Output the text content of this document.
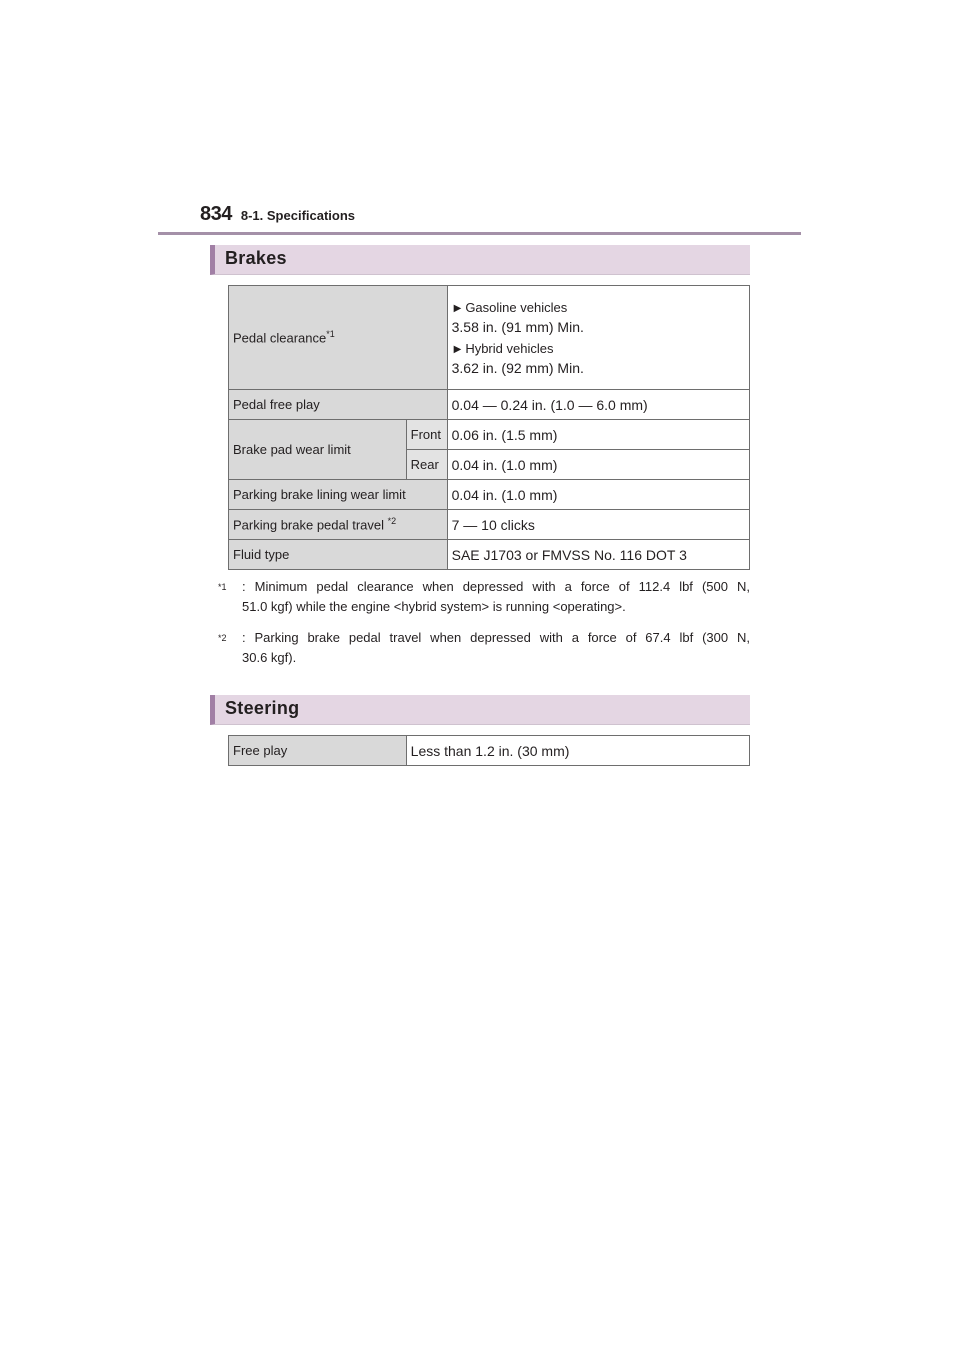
834 8-1. Specifications
Brakes
Pedal clearance$^{*1}$		▶ Gasoline vehicles
3.58 in. (91 mm) Min.
▶ Hybrid vehicles
3.62 in. (92 mm) Min.

Pedal free play		0.04 — 0.24 in. (1.0 — 6.0 mm)
Brake pad wear limit	Front	0.06 in. (1.5 mm)
	Rear	0.04 in. (1.0 mm)
Parking brake lining wear limit		0.04 in. (1.0 mm)
Parking brake pedal travel $^{*2}$		7 — 10 clicks
Fluid type		SAE J1703 or FMVSS No. 116 DOT 3
*1 : Minimum pedal clearance when depressed with a force of 112.4 lbf (500 N,
51.0 kgf) while the engine <hybrid system> is running <operating>.
*2 : Parking brake pedal travel when depressed with a force of 67.4 lbf (300 N,
30.6 kgf).
Steering
Free play	Less than 1.2 in. (30 mm)
